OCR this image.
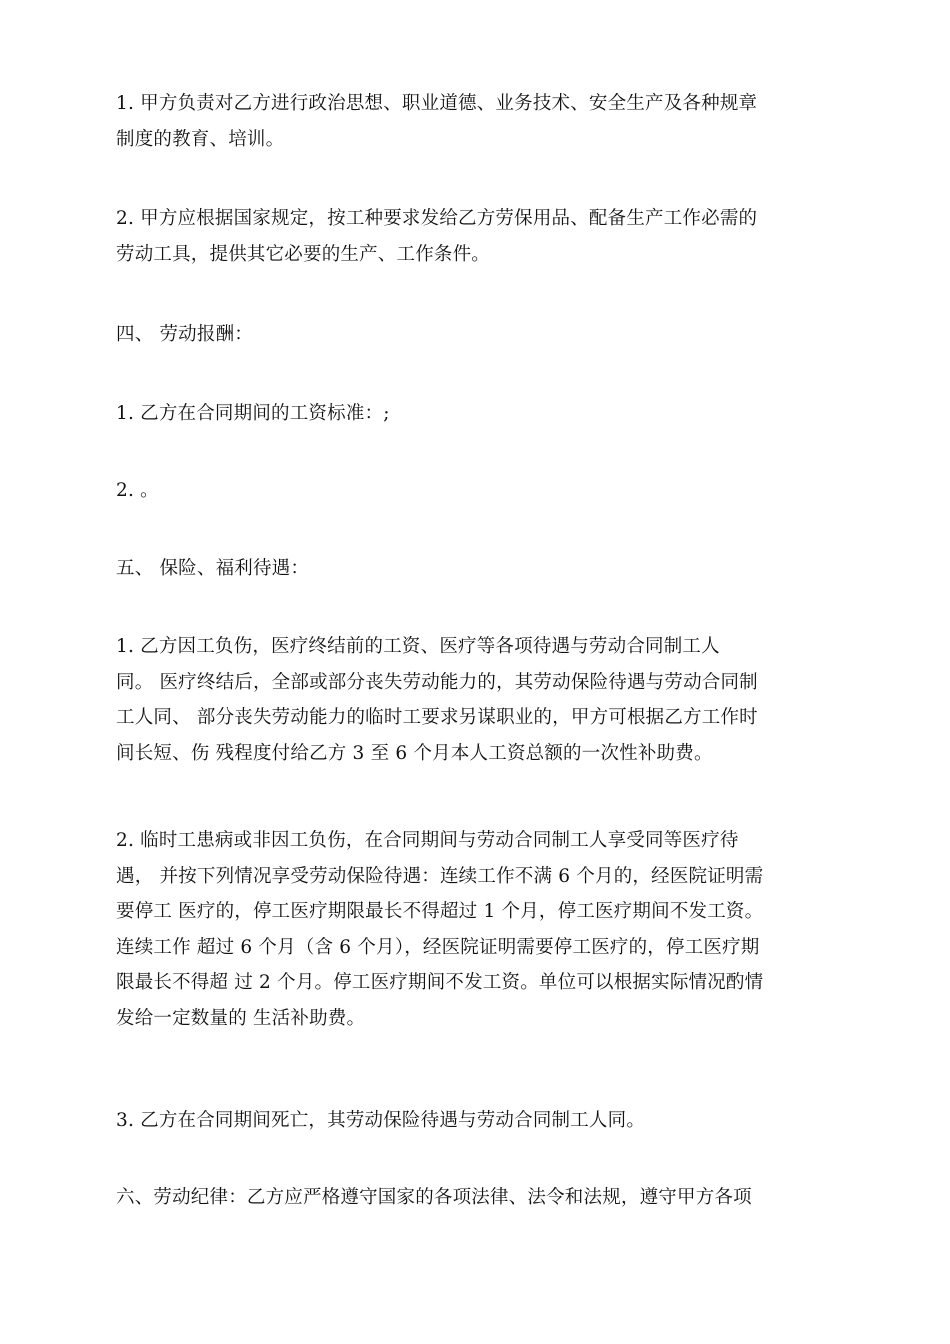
1. 甲方负责对乙方进行政治思想、职业道德、业务技术、安全生产及各种规章
制度的教育、培训。
2. 甲方应根据国家规定，按工种要求发给乙方劳保用品、配备生产工作必需的
劳动工具，提供其它必要的生产、工作条件。
四、 劳动报酬：
1. 乙方在合同期间的工资标准：;
2. 。
五、 保险、福利待遇：
1. 乙方因工负伤，医疗终结前的工资、医疗等各项待遇与劳动合同制工人
同。 医疗终结后，全部或部分丧失劳动能力的，其劳动保险待遇与劳动合同制
工人同、 部分丧失劳动能力的临时工要求另谋职业的，甲方可根据乙方工作时
间长短、伤 残程度付给乙方 3 至 6 个月本人工资总额的一次性补助费。
2. 临时工患病或非因工负伤，在合同期间与劳动合同制工人享受同等医疗待
遇， 并按下列情况享受劳动保险待遇：连续工作不满 6 个月的，经医院证明需
要停工 医疗的，停工医疗期限最长不得超过 1 个月，停工医疗期间不发工资。
连续工作 超过 6 个月（含 6 个月），经医院证明需要停工医疗的，停工医疗期
限最长不得超 过 2 个月。停工医疗期间不发工资。单位可以根据实际情况酌情
发给一定数量的 生活补助费。
3. 乙方在合同期间死亡，其劳动保险待遇与劳动合同制工人同。
六、劳动纪律：乙方应严格遵守国家的各项法律、法令和法规，遵守甲方各项
